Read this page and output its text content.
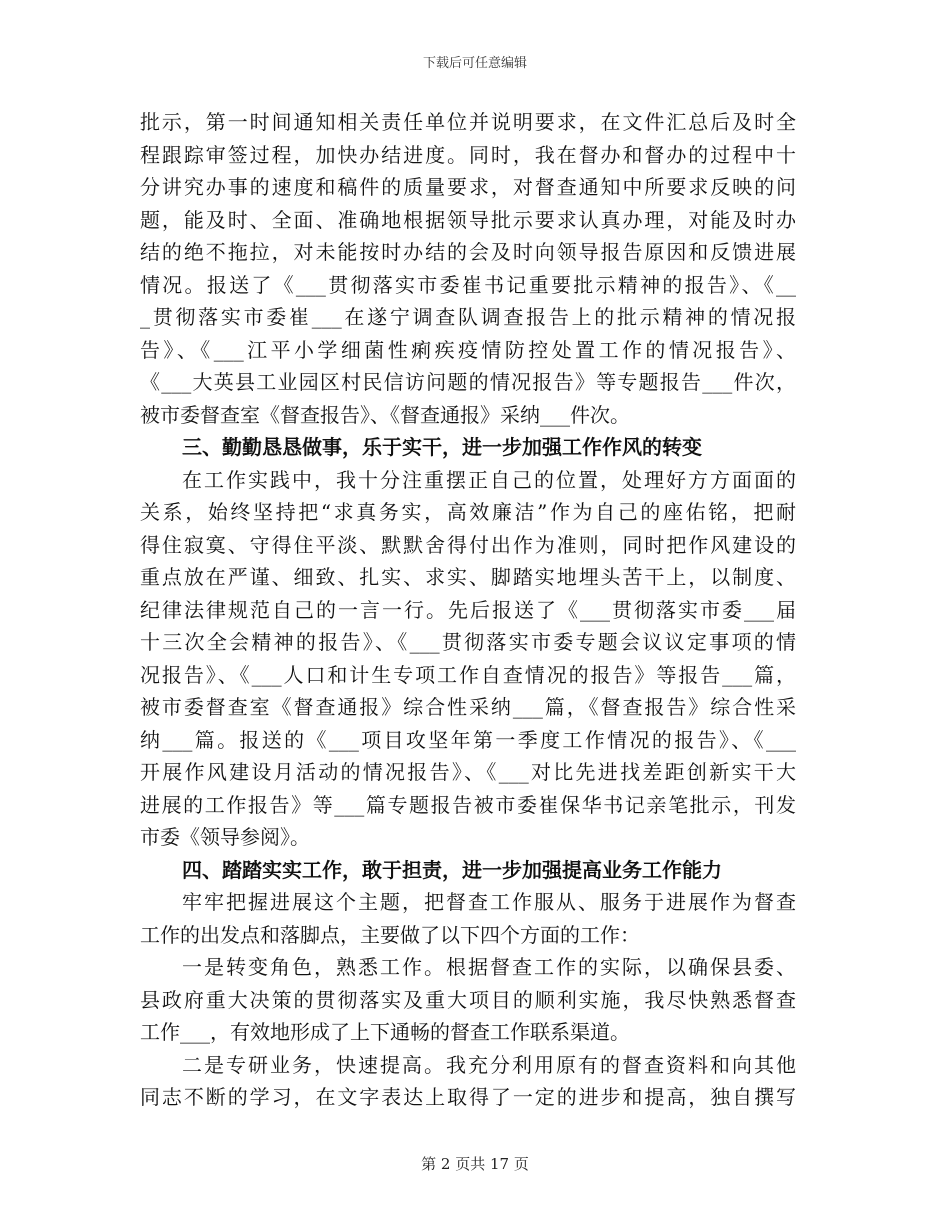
下载后可任意编辑
批示，第一时间通知相关责任单位并说明要求，在文件汇总后及时全
程跟踪审签过程，加快办结进度。同时，我在督办和督办的过程中十
分讲究办事的速度和稿件的质量要求，对督查通知中所要求反映的问
题，能及时、全面、准确地根据领导批示要求认真办理，对能及时办
结的绝不拖拉，对未能按时办结的会及时向领导报告原因和反馈进展
情况。报送了《___贯彻落实市委崔书记重要批示精神的报告》、《__
_贯彻落实市委崔___在遂宁调查队调查报告上的批示精神的情况报
告》、《___江平小学细菌性痢疾疫情防控处置工作的情况报告》、
《___大英县工业园区村民信访问题的情况报告》等专题报告___件次，
被市委督查室《督查报告》、《督查通报》采纳___件次。
三、勤勤恳恳做事，乐于实干，进一步加强工作作风的转变
在工作实践中，我十分注重摆正自己的位置，处理好方方面面的
关系，始终坚持把“求真务实，高效廉洁”作为自己的座佑铭，把耐
得住寂寞、守得住平淡、默默舍得付出作为准则，同时把作风建设的
重点放在严谨、细致、扎实、求实、脚踏实地埋头苦干上，以制度、
纪律法律规范自己的一言一行。先后报送了《___贯彻落实市委___届
十三次全会精神的报告》、《___贯彻落实市委专题会议议定事项的情
况报告》、《___人口和计生专项工作自查情况的报告》等报告___篇，
被市委督查室《督查通报》综合性采纳___篇，《督查报告》综合性采
纳___篇。报送的《___项目攻坚年第一季度工作情况的报告》、《___
开展作风建设月活动的情况报告》、《___对比先进找差距创新实干大
进展的工作报告》等___篇专题报告被市委崔保华书记亲笔批示，刊发
市委《领导参阅》。
四、踏踏实实工作，敢于担责，进一步加强提高业务工作能力
牢牢把握进展这个主题，把督查工作服从、服务于进展作为督查
工作的出发点和落脚点，主要做了以下四个方面的工作：
一是转变角色，熟悉工作。根据督查工作的实际，以确保县委、
县政府重大决策的贯彻落实及重大项目的顺利实施，我尽快熟悉督查
工作___，有效地形成了上下通畅的督查工作联系渠道。
二是专研业务，快速提高。我充分利用原有的督查资料和向其他
同志不断的学习，在文字表达上取得了一定的进步和提高，独自撰写
第 2 页共 17 页
